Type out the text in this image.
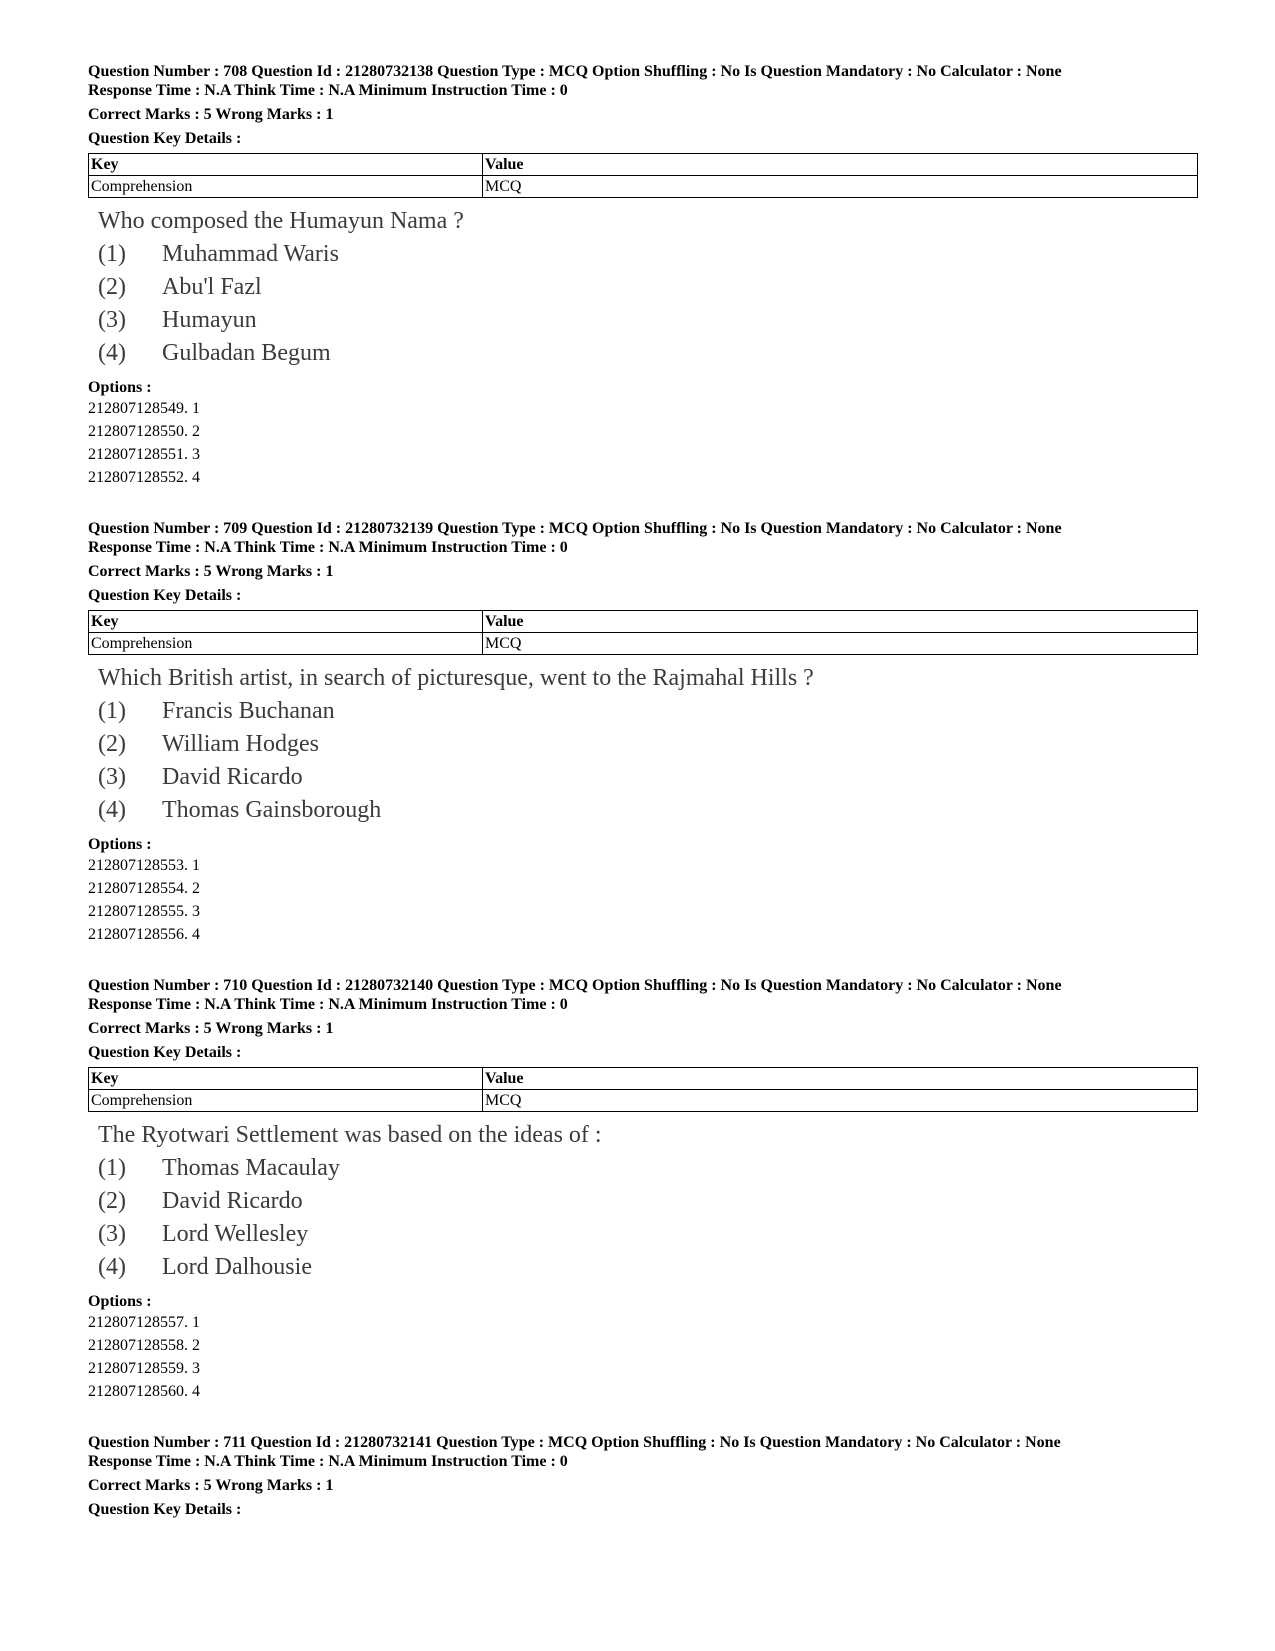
Question Number : 708 Question Id : 21280732138 Question Type : MCQ Option Shuffling : No Is Question Mandatory : No Calculator : None
Response Time : N.A Think Time : N.A Minimum Instruction Time : 0
Correct Marks : 5 Wrong Marks : 1
Question Key Details :
Key	Value
Comprehension	MCQ
Who composed the Humayun Nama ?
(1)	Muhammad Waris
(2)	Abu'l Fazl
(3)	Humayun
(4)	Gulbadan Begum
Options :
212807128549. 1
212807128550. 2
212807128551. 3
212807128552. 4
Question Number : 709 Question Id : 21280732139 Question Type : MCQ Option Shuffling : No Is Question Mandatory : No Calculator : None
Response Time : N.A Think Time : N.A Minimum Instruction Time : 0
Correct Marks : 5 Wrong Marks : 1
Question Key Details :
Key	Value
Comprehension	MCQ
Which British artist, in search of picturesque, went to the Rajmahal Hills ?
(1)	Francis Buchanan
(2)	William Hodges
(3)	David Ricardo
(4)	Thomas Gainsborough
Options :
212807128553. 1
212807128554. 2
212807128555. 3
212807128556. 4
Question Number : 710 Question Id : 21280732140 Question Type : MCQ Option Shuffling : No Is Question Mandatory : No Calculator : None
Response Time : N.A Think Time : N.A Minimum Instruction Time : 0
Correct Marks : 5 Wrong Marks : 1
Question Key Details :
Key	Value
Comprehension	MCQ
The Ryotwari Settlement was based on the ideas of :
(1)	Thomas Macaulay
(2)	David Ricardo
(3)	Lord Wellesley
(4)	Lord Dalhousie
Options :
212807128557. 1
212807128558. 2
212807128559. 3
212807128560. 4
Question Number : 711 Question Id : 21280732141 Question Type : MCQ Option Shuffling : No Is Question Mandatory : No Calculator : None
Response Time : N.A Think Time : N.A Minimum Instruction Time : 0
Correct Marks : 5 Wrong Marks : 1
Question Key Details :
